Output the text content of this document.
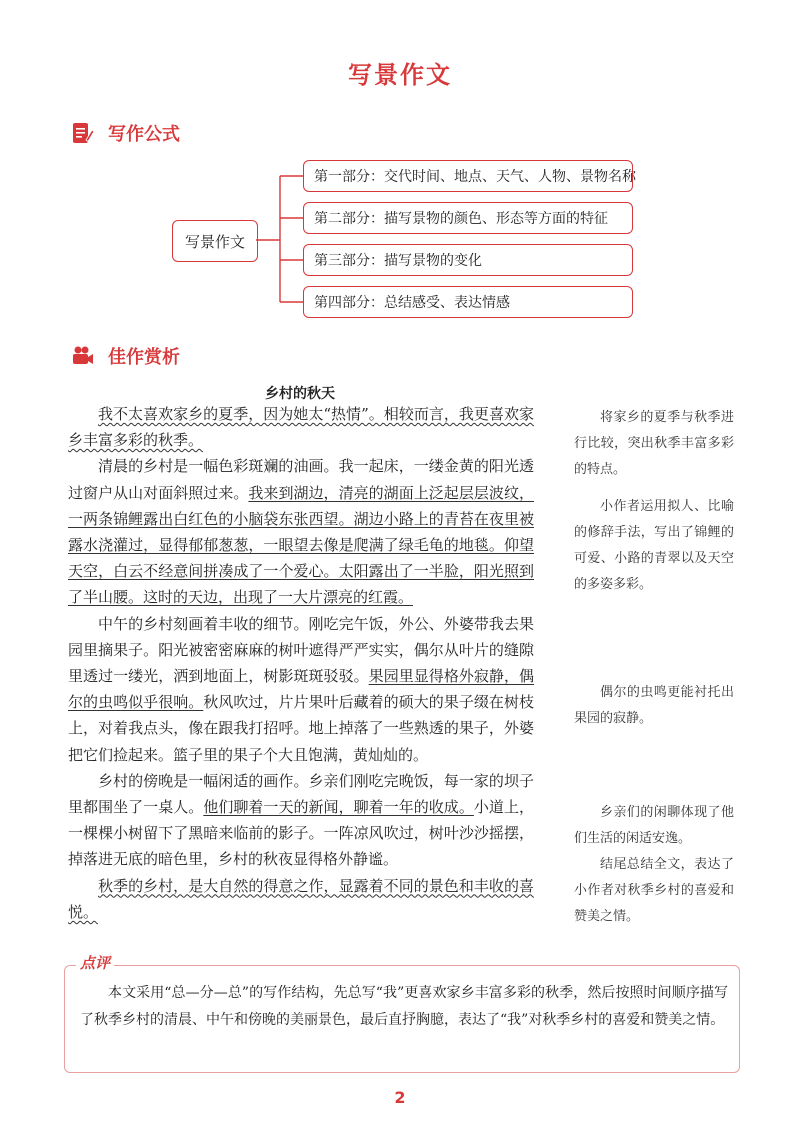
写景作文
写作公式
写景作文
第一部分：交代时间、地点、天气、人物、景物名称
第二部分：描写景物的颜色、形态等方面的特征
第三部分：描写景物的变化
第四部分：总结感受、表达情感
佳作赏析
乡村的秋天

我不太喜欢家乡的夏季，因为她太“热情”。相较而言，我更喜欢家乡丰富多彩的秋季。

清晨的乡村是一幅色彩斑斓的油画。我一起床，一缕金黄的阳光透过窗户从山对面斜照过来。我来到湖边，清亮的湖面上泛起层层波纹，一两条锦鲤露出白红色的小脑袋东张西望。湖边小路上的青苔在夜里被露水浇灌过，显得郁郁葱葱，一眼望去像是爬满了绿毛龟的地毯。仰望天空，白云不经意间拼凑成了一个爱心。太阳露出了一半脸，阳光照到了半山腰。这时的天边，出现了一大片漂亮的红霞。

中午的乡村刻画着丰收的细节。刚吃完午饭，外公、外婆带我去果园里摘果子。阳光被密密麻麻的树叶遮得严严实实，偶尔从叶片的缝隙里透过一缕光，洒到地面上，树影斑斑驳驳。果园里显得格外寂静，偶尔的虫鸣似乎很响。秋风吹过，片片果叶后藏着的硕大的果子缀在树枝上，对着我点头，像在跟我打招呼。地上掉落了一些熟透的果子，外婆把它们捡起来。篮子里的果子个大且饱满，黄灿灿的。

乡村的傍晚是一幅闲适的画作。乡亲们刚吃完晚饭，每一家的坝子里都围坐了一桌人。他们聊着一天的新闻，聊着一年的收成。小道上，一棵棵小树留下了黑暗来临前的影子。一阵凉风吹过，树叶沙沙摇摆，掉落进无底的暗色里，乡村的秋夜显得格外静谧。

秋季的乡村，是大自然的得意之作，显露着不同的景色和丰收的喜悦。

将家乡的夏季与秋季进行比较，突出秋季丰富多彩的特点。

小作者运用拟人、比喻的修辞手法，写出了锦鲤的可爱、小路的青翠以及天空的多姿多彩。

偶尔的虫鸣更能衬托出果园的寂静。

乡亲们的闲聊体现了他们生活的闲适安逸。

结尾总结全文，表达了小作者对秋季乡村的喜爱和赞美之情。

点评
本文采用“总—分—总”的写作结构，先总写“我”更喜欢家乡丰富多彩的秋季，然后按照时间顺序描写了秋季乡村的清晨、中午和傍晚的美丽景色，最后直抒胸臆，表达了“我”对秋季乡村的喜爱和赞美之情。
2
